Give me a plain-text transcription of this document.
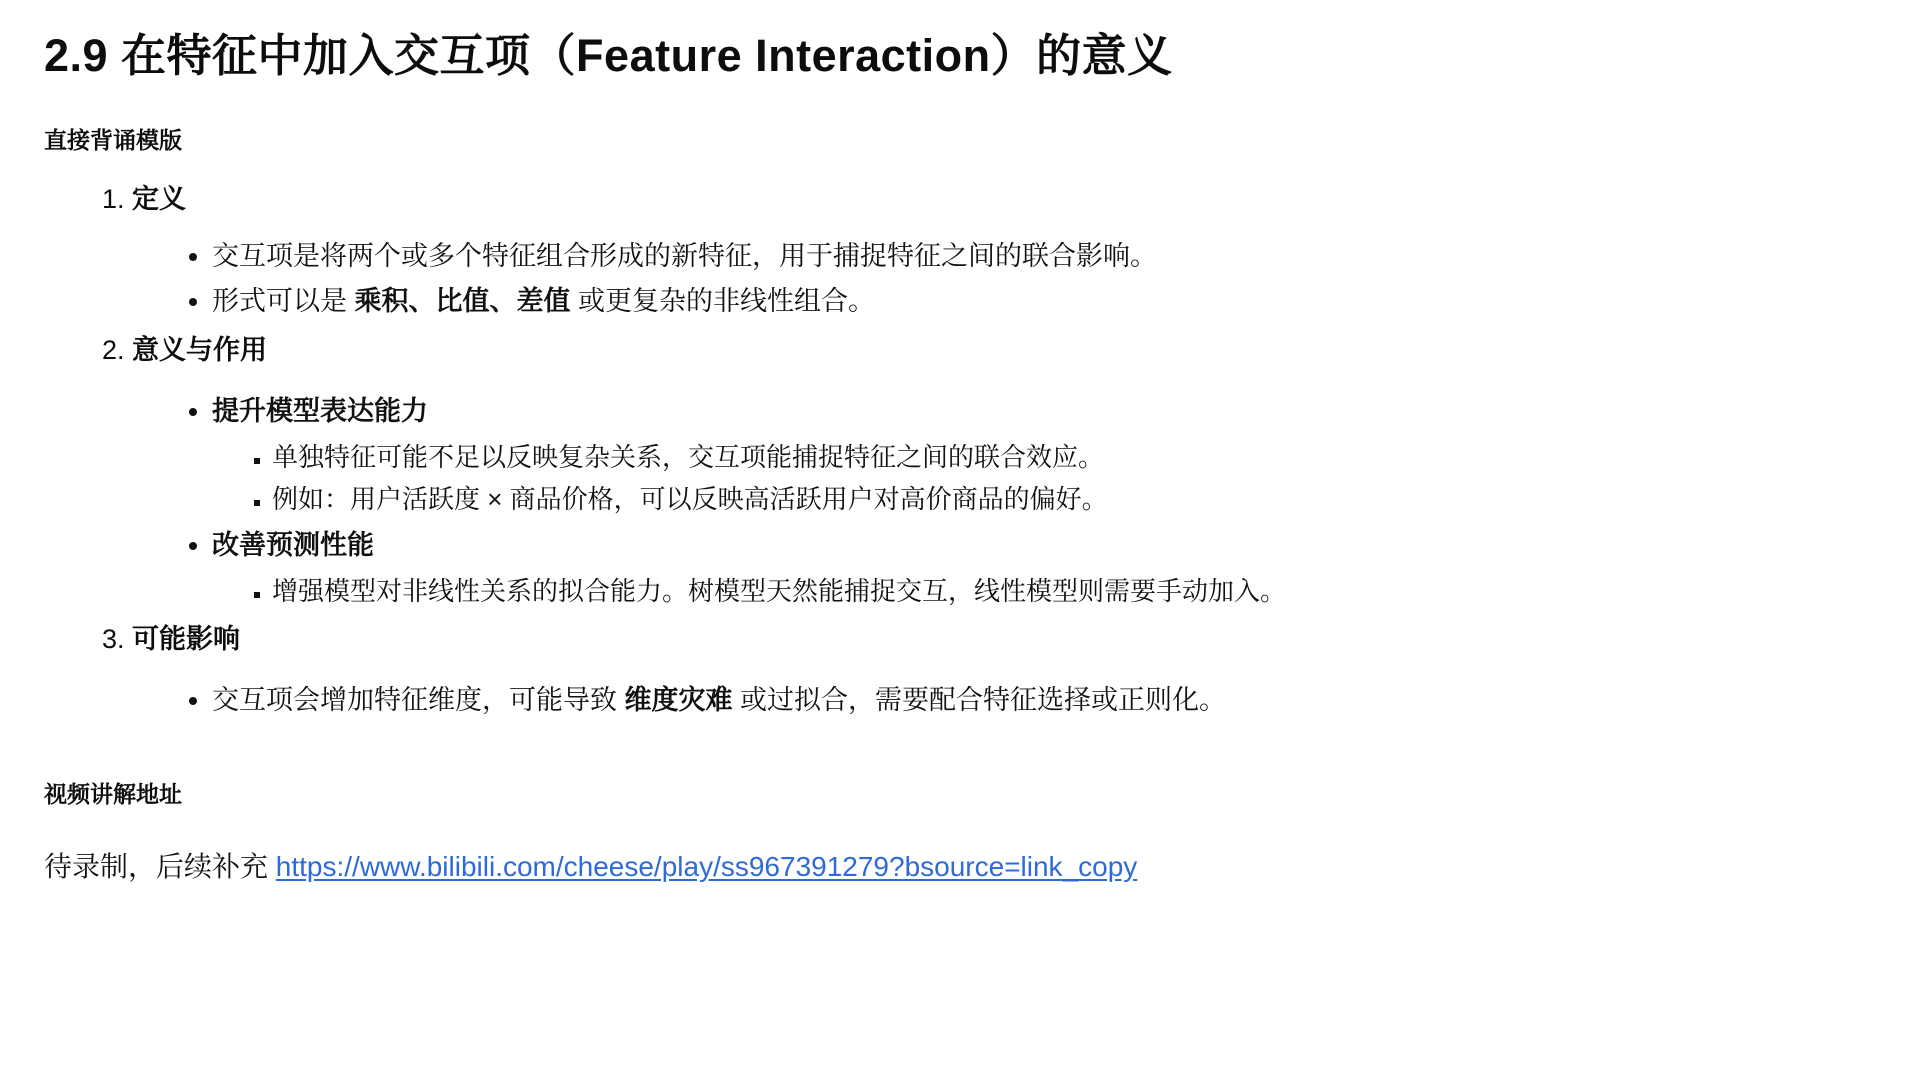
2.9 在特征中加入交互项（Feature Interaction）的意义
直接背诵模版
1. 定义
• 交互项是将两个或多个特征组合形成的新特征，用于捕捉特征之间的联合影响。
• 形式可以是 乘积、比值、差值 或更复杂的非线性组合。
2. 意义与作用
• 提升模型表达能力
▪ 单独特征可能不足以反映复杂关系，交互项能捕捉特征之间的联合效应。
▪ 例如：用户活跃度 × 商品价格，可以反映高活跃用户对高价商品的偏好。
• 改善预测性能
▪ 增强模型对非线性关系的拟合能力。树模型天然能捕捉交互，线性模型则需要手动加入。
3. 可能影响
• 交互项会增加特征维度，可能导致 维度灾难 或过拟合，需要配合特征选择或正则化。
视频讲解地址
待录制，后续补充 https://www.bilibili.com/cheese/play/ss967391279?bsource=link_copy
